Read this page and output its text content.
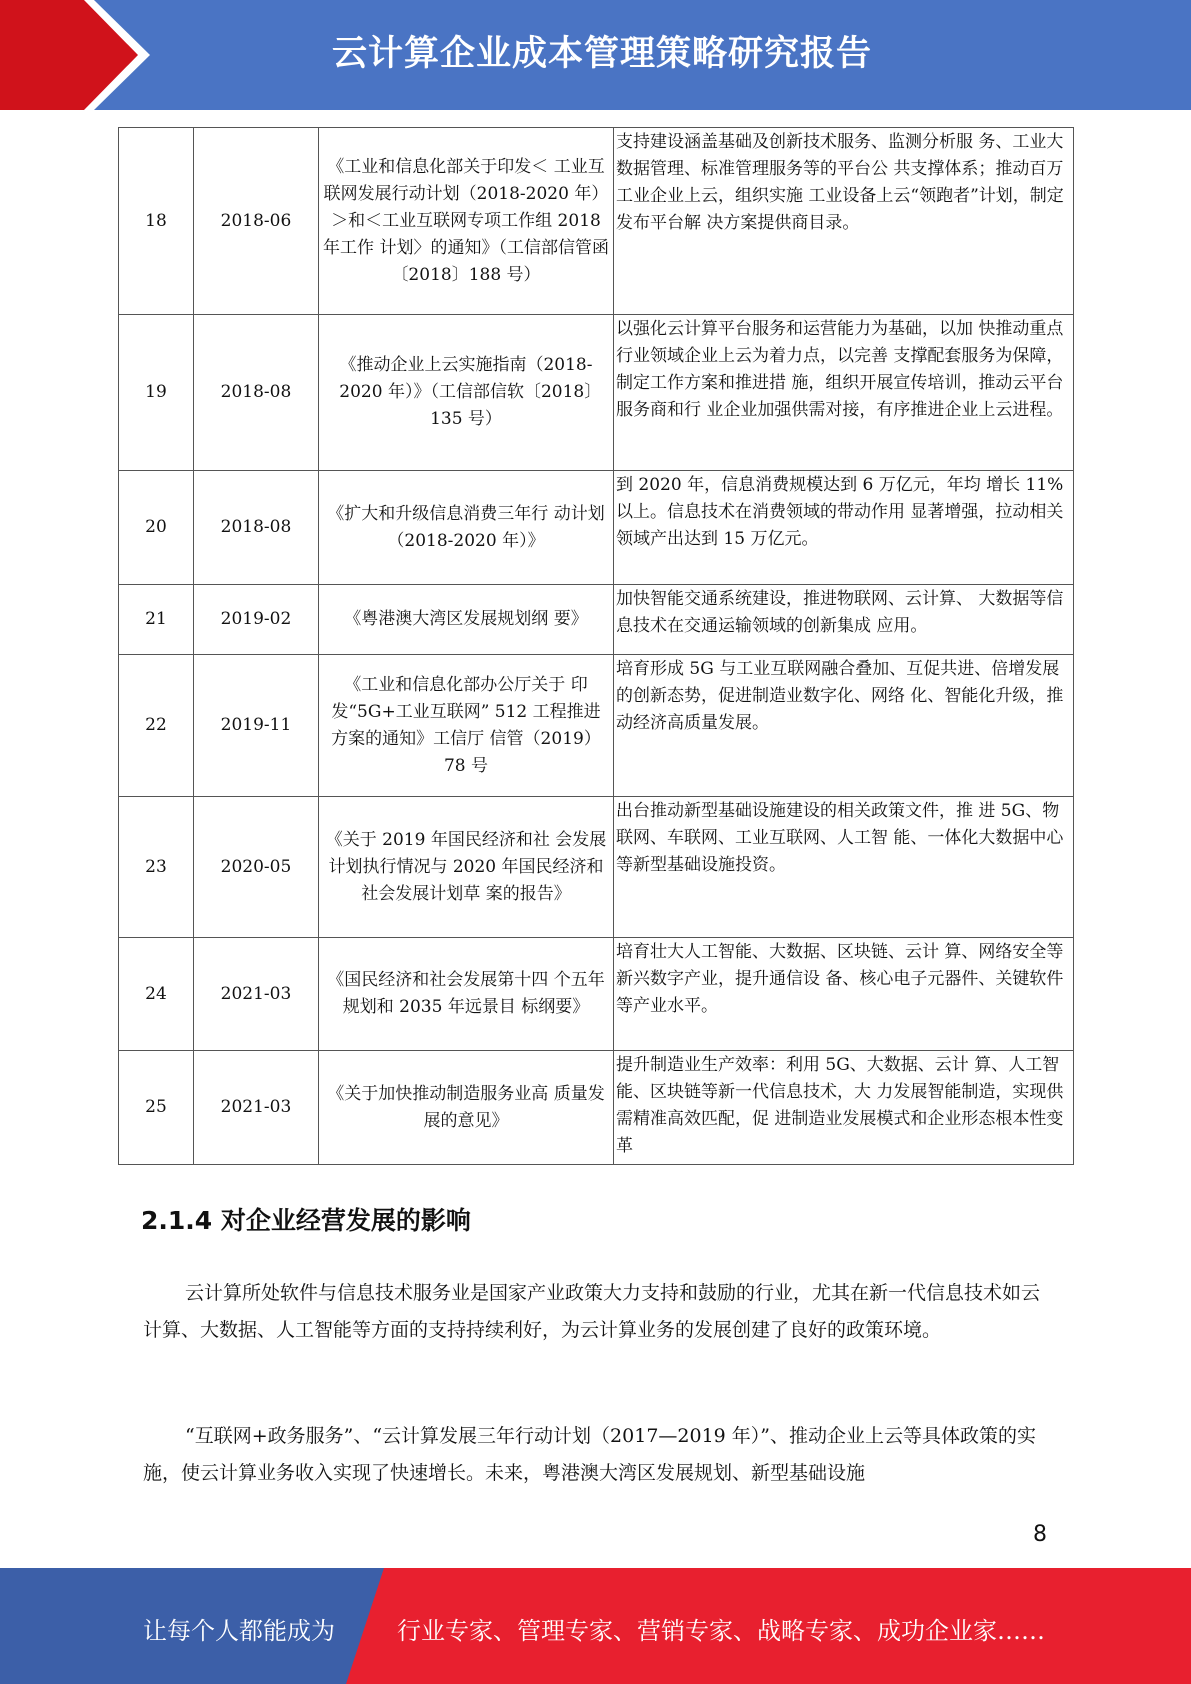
云计算企业成本管理策略研究报告
18	2018-06	《工业和信息化部关于印发＜ 工业互联网发展行动计划（2018-2020 年）＞和＜工业互联网专项工作组 2018 年工作 计划〉的通知》（工信部信管函〔2018〕188 号）	支持建设涵盖基础及创新技术服务、监测分析服 务、工业大数据管理、标准管理服务等的平台公 共支撑体系；推动百万工业企业上云，组织实施 工业设备上云“领跑者”计划，制定发布平台解 决方案提供商目录。
19	2018-08	《推动企业上云实施指南（2018-2020 年）》（工信部信软〔2018〕　135 号）	以强化云计算平台服务和运营能力为基础，以加 快推动重点行业领域企业上云为着力点，以完善 支撑配套服务为保障，制定工作方案和推进措 施，组织开展宣传培训，推动云平台服务商和行 业企业加强供需对接，有序推进企业上云进程。
20	2018-08	《扩大和升级信息消费三年行 动计划（2018-2020 年）》	到 2020 年，信息消费规模达到 6 万亿元，年均 增长 11%以上。信息技术在消费领域的带动作用 显著增强，拉动相关领域产出达到 15 万亿元。
21	2019-02	《粤港澳大湾区发展规划纲 要》	加快智能交通系统建设，推进物联网、云计算、 大数据等信息技术在交通运输领域的创新集成 应用。
22	2019-11	《工业和信息化部办公厅关于 印发“5G+工业互联网” 512 工程推进方案的通知》工信厅 信管（2019） 78 号	培育形成 5G 与工业互联网融合叠加、互促共进、倍增发展的创新态势，促进制造业数字化、网络 化、智能化升级，推动经济高质量发展。
23	2020-05	《关于 2019 年国民经济和社 会发展计划执行情况与 2020 年国民经济和社会发展计划草 案的报告》	出台推动新型基础设施建设的相关政策文件，推 进 5G、物联网、车联网、工业互联网、人工智 能、一体化大数据中心等新型基础设施投资。
24	2021-03	《国民经济和社会发展第十四 个五年规划和 2035 年远景目 标纲要》	培育壮大人工智能、大数据、区块链、云计 算、网络安全等新兴数字产业，提升通信设 备、核心电子元器件、关键软件等产业水平。
25	2021-03	《关于加快推动制造服务业高 质量发展的意见》	提升制造业生产效率：利用 5G、大数据、云计 算、人工智能、区块链等新一代信息技术，大 力发展智能制造，实现供需精准高效匹配，促 进制造业发展模式和企业形态根本性变革
2.1.4 对企业经营发展的影响

云计算所处软件与信息技术服务业是国家产业政策大力支持和鼓励的行业，尤其在新一代信息技术如云计算、大数据、人工智能等方面的支持持续利好，为云计算业务的发展创建了良好的政策环境。

“互联网+政务服务”、“云计算发展三年行动计划（2017—2019 年）”、推动企业上云等具体政策的实施，使云计算业务收入实现了快速增长。未来，粤港澳大湾区发展规划、新型基础设施

8
让每个人都能成为	行业专家、管理专家、营销专家、战略专家、成功企业家……
